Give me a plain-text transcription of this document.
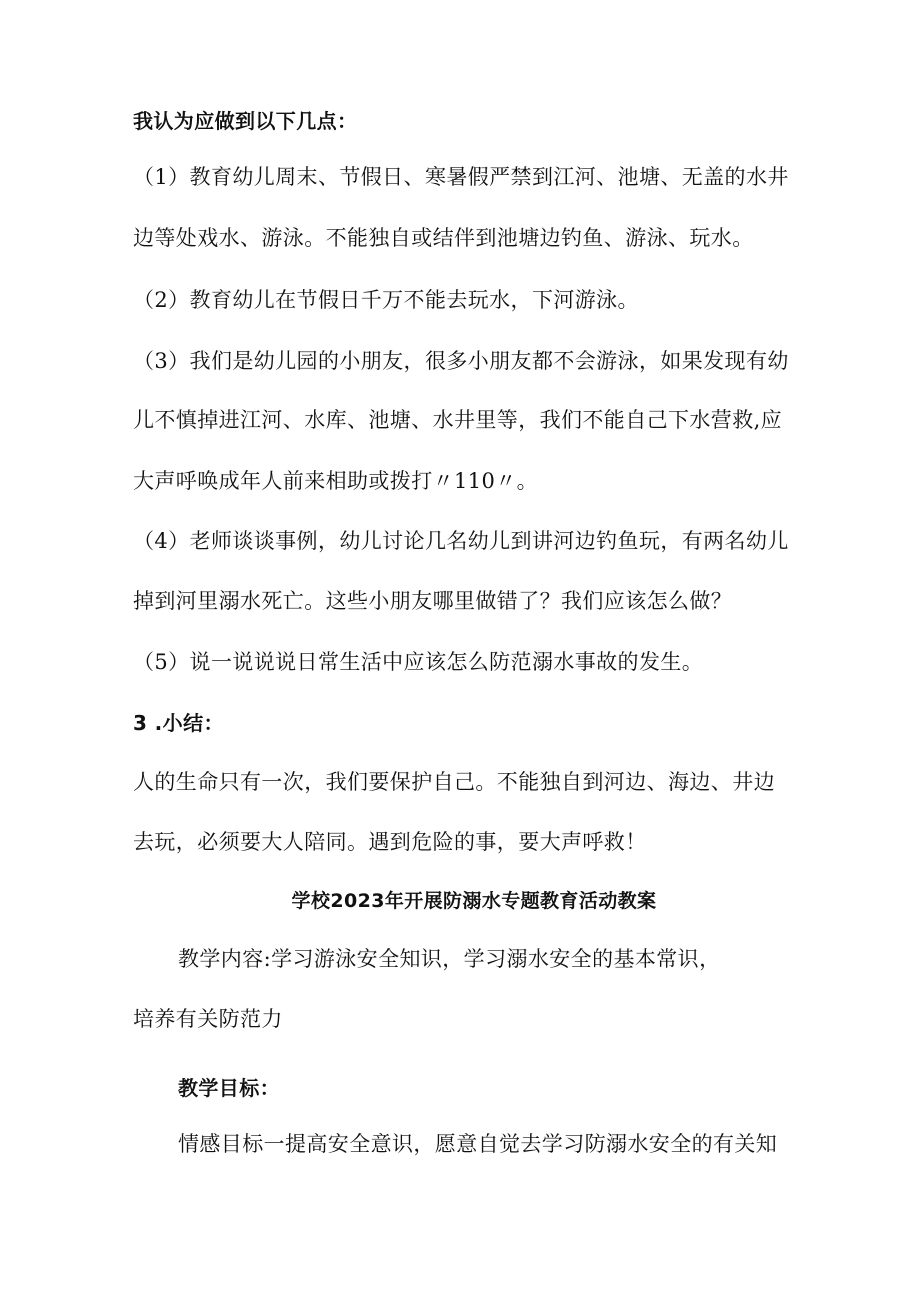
我认为应做到以下几点：
（1）教育幼儿周末、节假日、寒暑假严禁到江河、池塘、无盖的水井
边等处戏水、游泳。不能独自或结伴到池塘边钓鱼、游泳、玩水。
（2）教育幼儿在节假日千万不能去玩水，下河游泳。
（3）我们是幼儿园的小朋友，很多小朋友都不会游泳，如果发现有幼
儿不慎掉进江河、水库、池塘、水井里等，我们不能自己下水营救,应
大声呼唤成年人前来相助或拨打〃110〃。
（4）老师谈谈事例，幼儿讨论几名幼儿到讲河边钓鱼玩，有两名幼儿
掉到河里溺水死亡。这些小朋友哪里做错了？我们应该怎么做？
（5）说一说说说日常生活中应该怎么防范溺水事故的发生。
3 .小结：
人的生命只有一次，我们要保护自己。不能独自到河边、海边、井边
去玩，必须要大人陪同。遇到危险的事，要大声呼救！
学校2023年开展防溺水专题教育活动教案
教学内容:学习游泳安全知识，学习溺水安全的基本常识，
培养有关防范力
教学目标：
情感目标一提高安全意识，愿意自觉去学习防溺水安全的有关知
